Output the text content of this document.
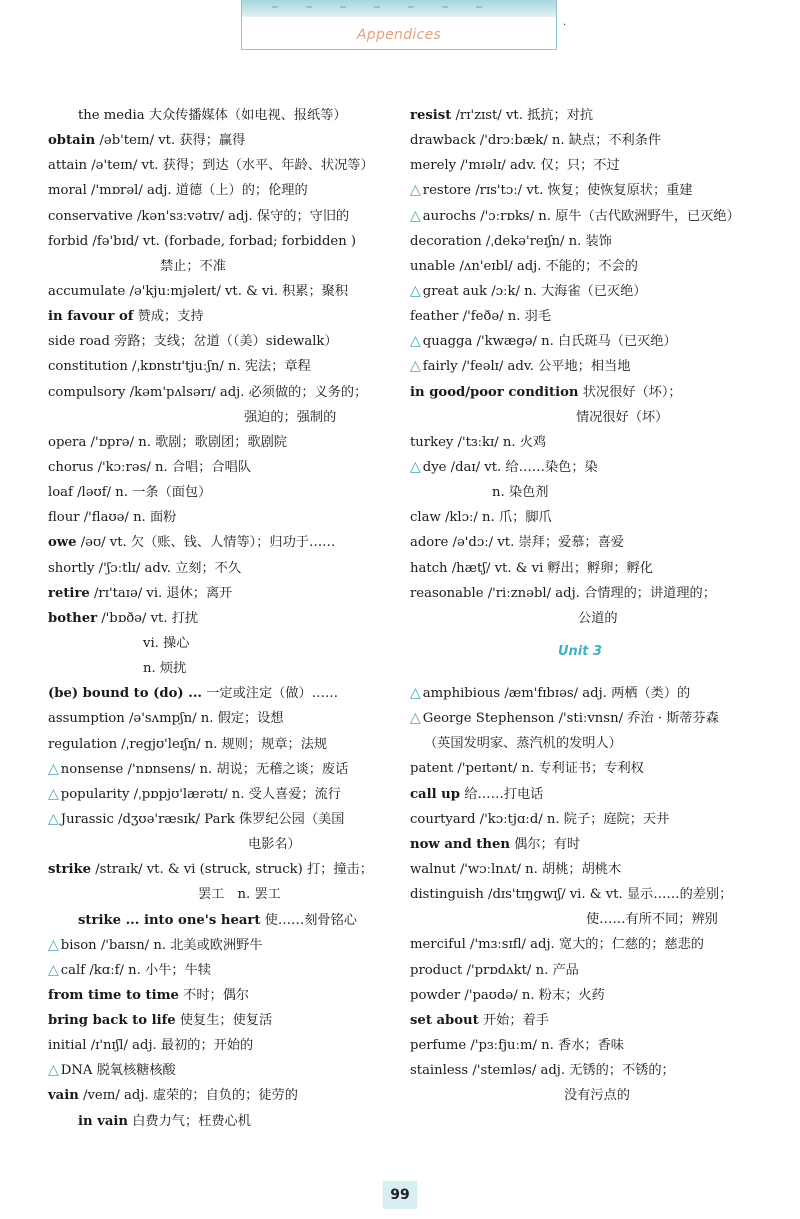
Appendices
·
the media 大众传播媒体（如电视、报纸等）
obtain /əb'teɪn/ vt. 获得；赢得
attain /ə'teɪn/ vt. 获得；到达（水平、年龄、状况等）
moral /'mɒrəl/ adj. 道德（上）的；伦理的
conservative /kən'sɜːvətɪv/ adj. 保守的；守旧的
forbid /fə'bɪd/ vt. (forbade, forbad; forbidden )
禁止；不准
accumulate /ə'kjuːmjəleɪt/ vt. & vi. 积累；聚积
in favour of 赞成；支持
side road 旁路；支线；岔道（（美）sidewalk）
constitution /ˌkɒnstɪ'tjuːʃn/ n. 宪法；章程
compulsory /kəm'pʌlsərɪ/ adj. 必须做的；义务的；
强迫的；强制的
opera /'ɒprə/ n. 歌剧；歌剧团；歌剧院
chorus /'kɔːrəs/ n. 合唱；合唱队
loaf /ləʊf/ n. 一条（面包）
flour /'flaʊə/ n. 面粉
owe /əʊ/ vt. 欠（账、钱、人情等）；归功于……
shortly /'ʃɔːtlɪ/ adv. 立刻；不久
retire /rɪ'taɪə/ vi. 退休；离开
bother /'bɒðə/ vt. 打扰
vi. 操心
n. 烦扰
(be) bound to (do) ... 一定或注定（做）……
assumption /ə'sʌmpʃn/ n. 假定；设想
regulation /ˌregjʊ'leɪʃn/ n. 规则；规章；法规
△ nonsense /'nɒnsens/ n. 胡说；无稽之谈；废话
△ popularity /ˌpɒpjʊ'lærətɪ/ n. 受人喜爱；流行
△ Jurassic /dʒʊə'ræsɪk/ Park 侏罗纪公园（美国
电影名）
strike /straɪk/ vt. & vi (struck, struck) 打；撞击；
罢工　n. 罢工
strike ... into one's heart 使……刻骨铭心
△ bison /'baɪsn/ n. 北美或欧洲野牛
△ calf /kɑːf/ n. 小牛；牛犊
from time to time 不时；偶尔
bring back to life 使复生；使复活
initial /ɪ'nɪʃl/ adj. 最初的；开始的
△ DNA 脱氧核糖核酸
vain /veɪn/ adj. 虚荣的；自负的；徒劳的
in vain 白费力气；枉费心机
resist /rɪ'zɪst/ vt. 抵抗；对抗
drawback /'drɔːbæk/ n. 缺点；不利条件
merely /'mɪəlɪ/ adv. 仅；只；不过
△ restore /rɪs'tɔː/ vt. 恢复；使恢复原状；重建
△ aurochs /'ɔːrɒks/ n. 原牛（古代欧洲野牛，已灭绝）
decoration /ˌdekə'reɪʃn/ n. 装饰
unable /ʌn'eɪbl/ adj. 不能的；不会的
△ great auk /ɔːk/ n. 大海雀（已灭绝）
feather /'feðə/ n. 羽毛
△ quagga /'kwægə/ n. 白氏斑马（已灭绝）
△ fairly /'feəlɪ/ adv. 公平地；相当地
in good/poor condition 状况很好（坏）；
情况很好（坏）
turkey /'tɜːkɪ/ n. 火鸡
△ dye /daɪ/ vt. 给……染色；染
n. 染色剂
claw /klɔː/ n. 爪；脚爪
adore /ə'dɔː/ vt. 崇拜；爱慕；喜爱
hatch /hætʃ/ vt. & vi 孵出；孵卵；孵化
reasonable /'riːznəbl/ adj. 合情理的；讲道理的；
公道的
Unit 3
△ amphibious /æm'fɪbɪəs/ adj. 两栖（类）的
△ George Stephenson /'stiːvnsn/ 乔治 · 斯蒂芬森
（英国发明家、蒸汽机的发明人）
patent /'peɪtənt/ n. 专利证书；专利权
call up 给……打电话
courtyard /'kɔːtjɑːd/ n. 院子；庭院；天井
now and then 偶尔；有时
walnut /'wɔːlnʌt/ n. 胡桃；胡桃木
distinguish /dɪs'tɪŋgwɪʃ/ vi. & vt. 显示……的差别；
使……有所不同；辨别
merciful /'mɜːsɪfl/ adj. 宽大的；仁慈的；慈悲的
product /'prɒdʌkt/ n. 产品
powder /'paʊdə/ n. 粉末；火药
set about 开始；着手
perfume /'pɜːfjuːm/ n. 香水；香味
stainless /'steɪnləs/ adj. 无锈的；不锈的；
没有污点的
99
